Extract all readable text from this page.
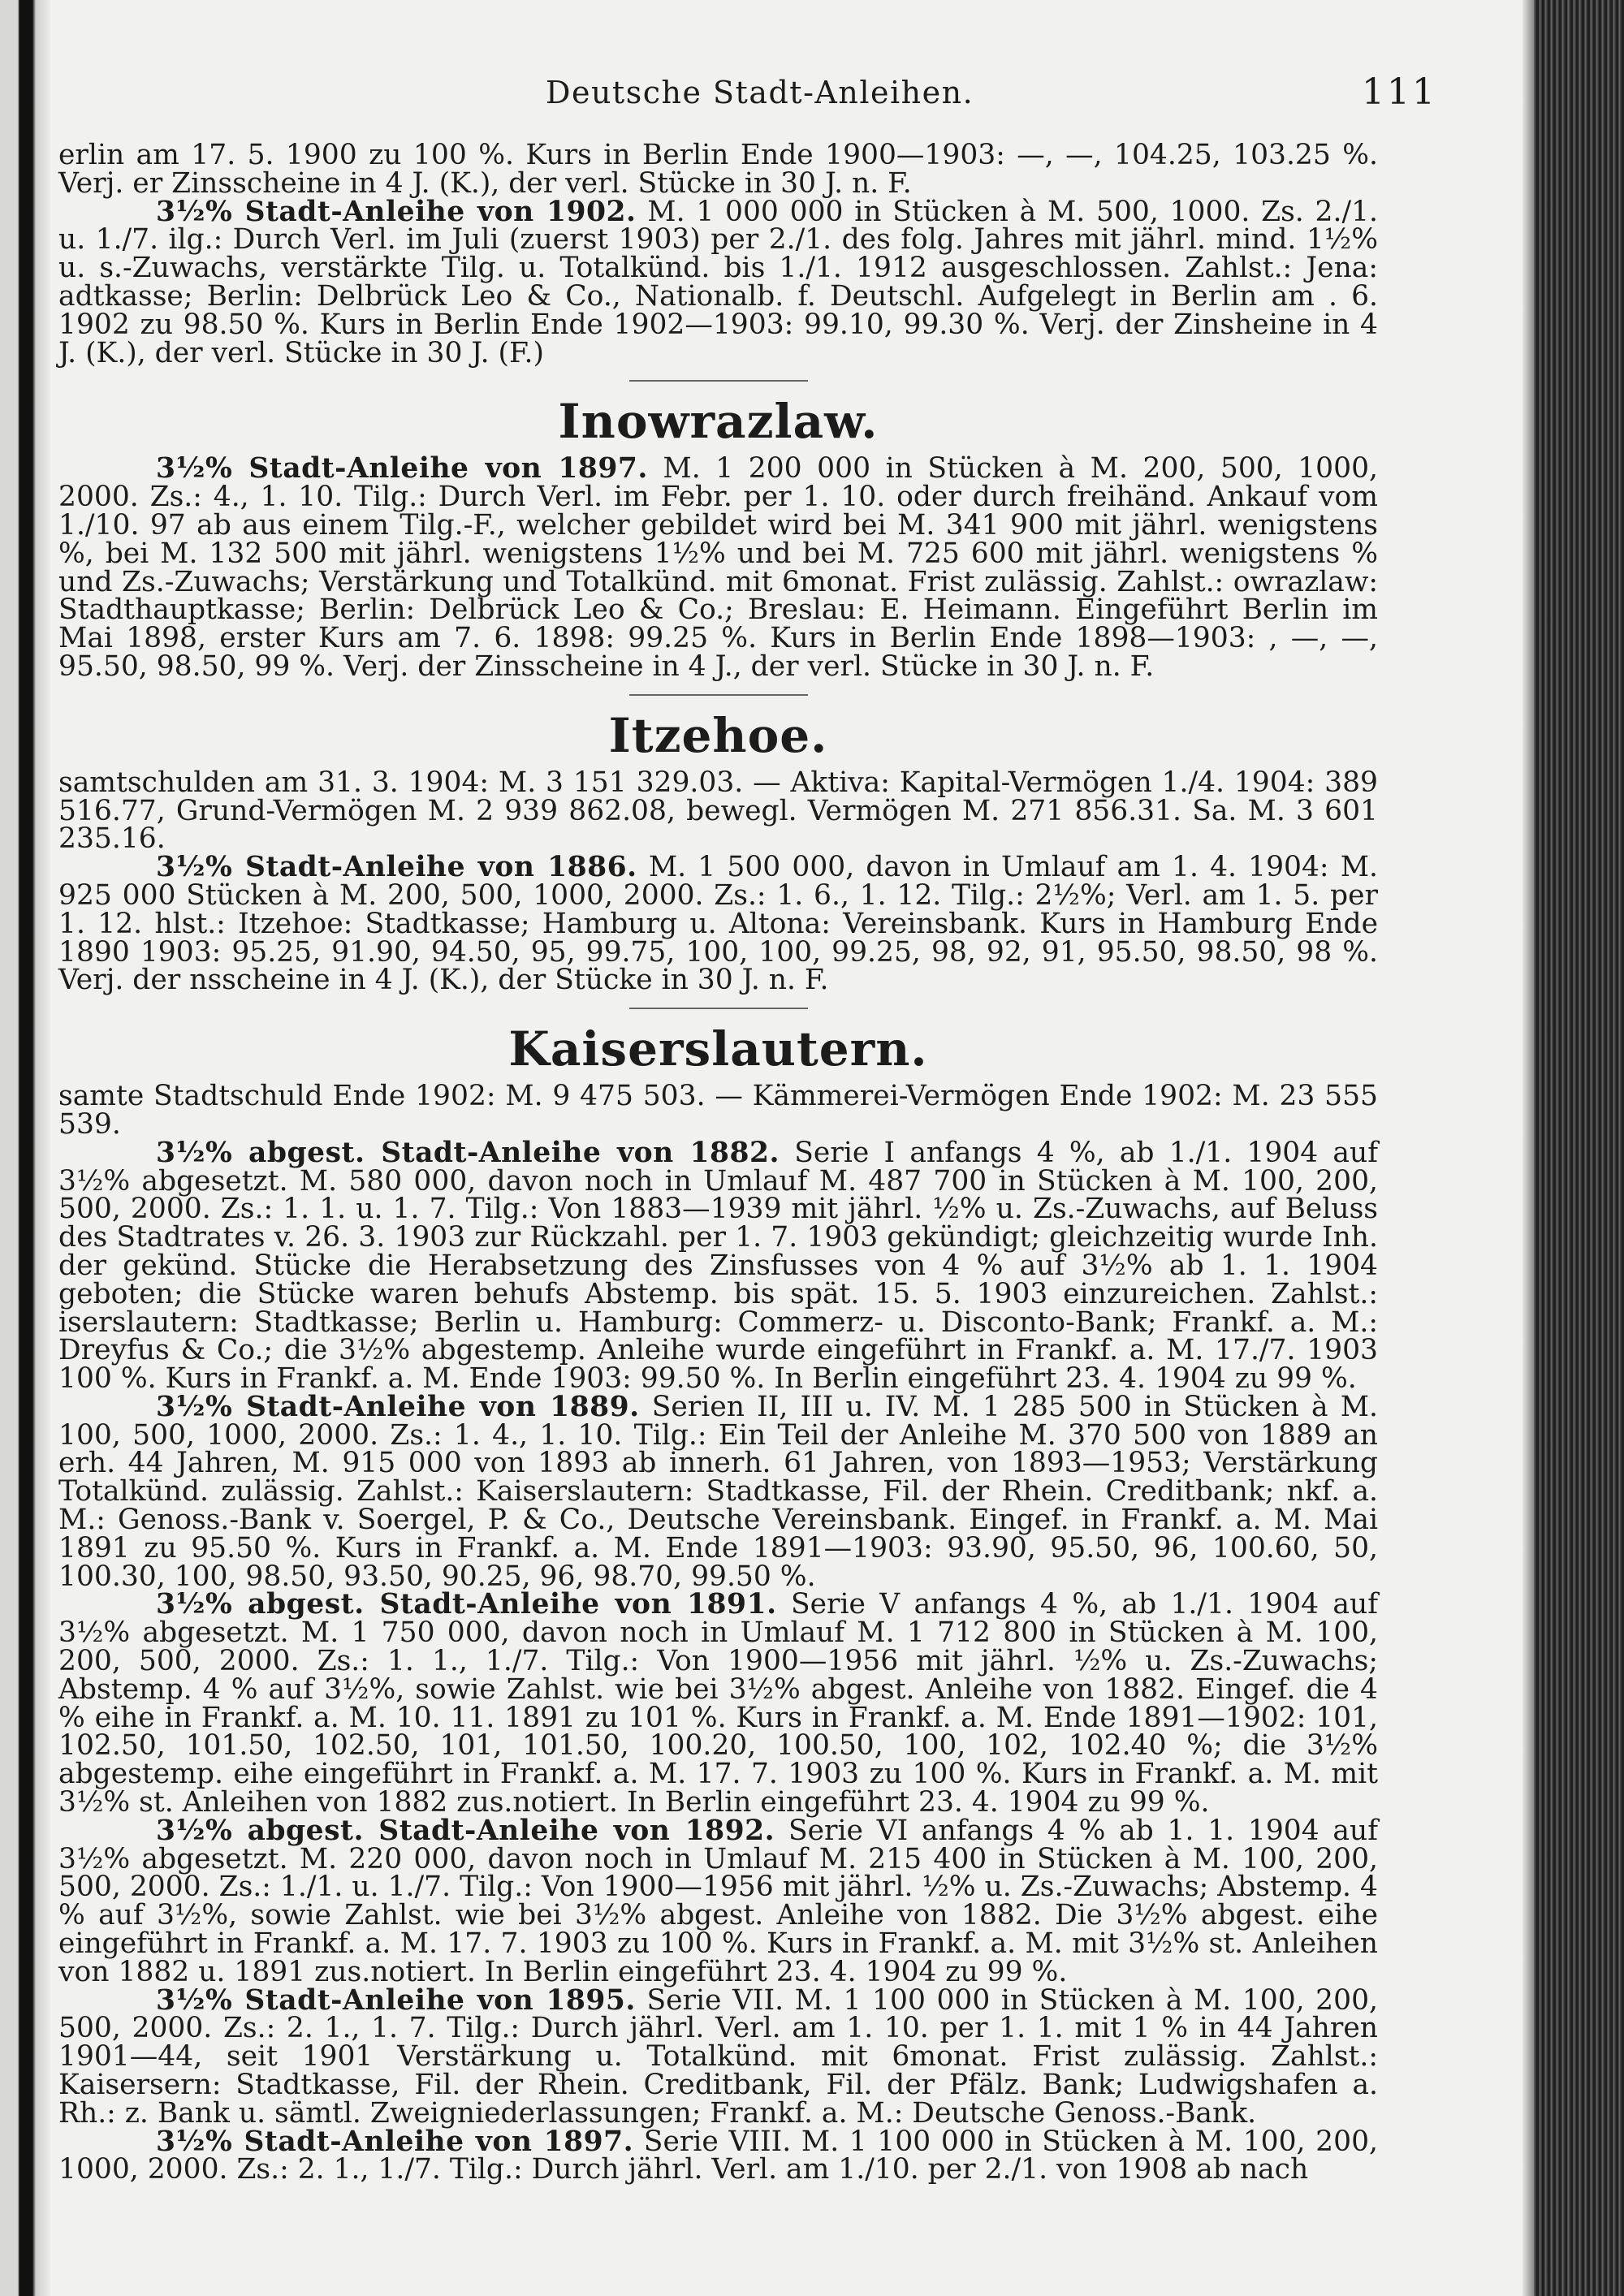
Deutsche Stadt-Anleihen.	111

erlin am 17. 5. 1900 zu 100 %. Kurs in Berlin Ende 1900—1903: —, —, 104.25, 103.25 %. Verj. er Zinsscheine in 4 J. (K.), der verl. Stücke in 30 J. n. F.

3½% Stadt-Anleihe von 1902. M. 1 000 000 in Stücken à M. 500, 1000. Zs. 2./1. u. 1./7. ilg.: Durch Verl. im Juli (zuerst 1903) per 2./1. des folg. Jahres mit jährl. mind. 1½% u. s.-Zuwachs, verstärkte Tilg. u. Totalkünd. bis 1./1. 1912 ausgeschlossen. Zahlst.: Jena: adtkasse; Berlin: Delbrück Leo & Co., Nationalb. f. Deutschl. Aufgelegt in Berlin am . 6. 1902 zu 98.50 %. Kurs in Berlin Ende 1902—1903: 99.10, 99.30 %. Verj. der Zinsheine in 4 J. (K.), der verl. Stücke in 30 J. (F.)

Inowrazlaw.

3½% Stadt-Anleihe von 1897. M. 1 200 000 in Stücken à M. 200, 500, 1000, 2000. Zs.: 4., 1. 10. Tilg.: Durch Verl. im Febr. per 1. 10. oder durch freihänd. Ankauf vom 1./10. 97 ab aus einem Tilg.-F., welcher gebildet wird bei M. 341 900 mit jährl. wenigstens %, bei M. 132 500 mit jährl. wenigstens 1½% und bei M. 725 600 mit jährl. wenigstens % und Zs.-Zuwachs; Verstärkung und Totalkünd. mit 6monat. Frist zulässig. Zahlst.: owrazlaw: Stadthauptkasse; Berlin: Delbrück Leo & Co.; Breslau: E. Heimann. Eingeführt Berlin im Mai 1898, erster Kurs am 7. 6. 1898: 99.25 %. Kurs in Berlin Ende 1898—1903: , —, —, 95.50, 98.50, 99 %. Verj. der Zinsscheine in 4 J., der verl. Stücke in 30 J. n. F.

Itzehoe.

samtschulden am 31. 3. 1904: M. 3 151 329.03. — Aktiva: Kapital-Vermögen 1./4. 1904: 389 516.77, Grund-Vermögen M. 2 939 862.08, bewegl. Vermögen M. 271 856.31. Sa. M. 3 601 235.16.

3½% Stadt-Anleihe von 1886. M. 1 500 000, davon in Umlauf am 1. 4. 1904: M. 925 000 Stücken à M. 200, 500, 1000, 2000. Zs.: 1. 6., 1. 12. Tilg.: 2½%; Verl. am 1. 5. per 1. 12. hlst.: Itzehoe: Stadtkasse; Hamburg u. Altona: Vereinsbank. Kurs in Hamburg Ende 1890 1903: 95.25, 91.90, 94.50, 95, 99.75, 100, 100, 99.25, 98, 92, 91, 95.50, 98.50, 98 %. Verj. der nsscheine in 4 J. (K.), der Stücke in 30 J. n. F.

Kaiserslautern.

samte Stadtschuld Ende 1902: M. 9 475 503. — Kämmerei-Vermögen Ende 1902: M. 23 555 539.

3½% abgest. Stadt-Anleihe von 1882. Serie I anfangs 4 %, ab 1./1. 1904 auf 3½% abgesetzt. M. 580 000, davon noch in Umlauf M. 487 700 in Stücken à M. 100, 200, 500, 2000. Zs.: 1. 1. u. 1. 7. Tilg.: Von 1883—1939 mit jährl. ½% u. Zs.-Zuwachs, auf Beluss des Stadtrates v. 26. 3. 1903 zur Rückzahl. per 1. 7. 1903 gekündigt; gleichzeitig wurde Inh. der gekünd. Stücke die Herabsetzung des Zinsfusses von 4 % auf 3½% ab 1. 1. 1904 geboten; die Stücke waren behufs Abstemp. bis spät. 15. 5. 1903 einzureichen. Zahlst.: iserslautern: Stadtkasse; Berlin u. Hamburg: Commerz- u. Disconto-Bank; Frankf. a. M.: Dreyfus & Co.; die 3½% abgestemp. Anleihe wurde eingeführt in Frankf. a. M. 17./7. 1903 100 %. Kurs in Frankf. a. M. Ende 1903: 99.50 %. In Berlin eingeführt 23. 4. 1904 zu 99 %.

3½% Stadt-Anleihe von 1889. Serien II, III u. IV. M. 1 285 500 in Stücken à M. 100, 500, 1000, 2000. Zs.: 1. 4., 1. 10. Tilg.: Ein Teil der Anleihe M. 370 500 von 1889 an erh. 44 Jahren, M. 915 000 von 1893 ab innerh. 61 Jahren, von 1893—1953; Verstärkung Totalkünd. zulässig. Zahlst.: Kaiserslautern: Stadtkasse, Fil. der Rhein. Creditbank; nkf. a. M.: Genoss.-Bank v. Soergel, P. & Co., Deutsche Vereinsbank. Eingef. in Frankf. a. M. Mai 1891 zu 95.50 %. Kurs in Frankf. a. M. Ende 1891—1903: 93.90, 95.50, 96, 100.60, 50, 100.30, 100, 98.50, 93.50, 90.25, 96, 98.70, 99.50 %.

3½% abgest. Stadt-Anleihe von 1891. Serie V anfangs 4 %, ab 1./1. 1904 auf 3½% abgesetzt. M. 1 750 000, davon noch in Umlauf M. 1 712 800 in Stücken à M. 100, 200, 500, 2000. Zs.: 1. 1., 1./7. Tilg.: Von 1900—1956 mit jährl. ½% u. Zs.-Zuwachs; Abstemp. 4 % auf 3½%, sowie Zahlst. wie bei 3½% abgest. Anleihe von 1882. Eingef. die 4 % eihe in Frankf. a. M. 10. 11. 1891 zu 101 %. Kurs in Frankf. a. M. Ende 1891—1902: 101, 102.50, 101.50, 102.50, 101, 101.50, 100.20, 100.50, 100, 102, 102.40 %; die 3½% abgestemp. eihe eingeführt in Frankf. a. M. 17. 7. 1903 zu 100 %. Kurs in Frankf. a. M. mit 3½% st. Anleihen von 1882 zus.notiert. In Berlin eingeführt 23. 4. 1904 zu 99 %.

3½% abgest. Stadt-Anleihe von 1892. Serie VI anfangs 4 % ab 1. 1. 1904 auf 3½% abgesetzt. M. 220 000, davon noch in Umlauf M. 215 400 in Stücken à M. 100, 200, 500, 2000. Zs.: 1./1. u. 1./7. Tilg.: Von 1900—1956 mit jährl. ½% u. Zs.-Zuwachs; Abstemp. 4 % auf 3½%, sowie Zahlst. wie bei 3½% abgest. Anleihe von 1882. Die 3½% abgest. eihe eingeführt in Frankf. a. M. 17. 7. 1903 zu 100 %. Kurs in Frankf. a. M. mit 3½% st. Anleihen von 1882 u. 1891 zus.notiert. In Berlin eingeführt 23. 4. 1904 zu 99 %.

3½% Stadt-Anleihe von 1895. Serie VII. M. 1 100 000 in Stücken à M. 100, 200, 500, 2000. Zs.: 2. 1., 1. 7. Tilg.: Durch jährl. Verl. am 1. 10. per 1. 1. mit 1 % in 44 Jahren 1901—44, seit 1901 Verstärkung u. Totalkünd. mit 6monat. Frist zulässig. Zahlst.: Kaisersern: Stadtkasse, Fil. der Rhein. Creditbank, Fil. der Pfälz. Bank; Ludwigshafen a. Rh.: z. Bank u. sämtl. Zweigniederlassungen; Frankf. a. M.: Deutsche Genoss.-Bank.

3½% Stadt-Anleihe von 1897. Serie VIII. M. 1 100 000 in Stücken à M. 100, 200, 1000, 2000. Zs.: 2. 1., 1./7. Tilg.: Durch jährl. Verl. am 1./10. per 2./1. von 1908 ab nach
